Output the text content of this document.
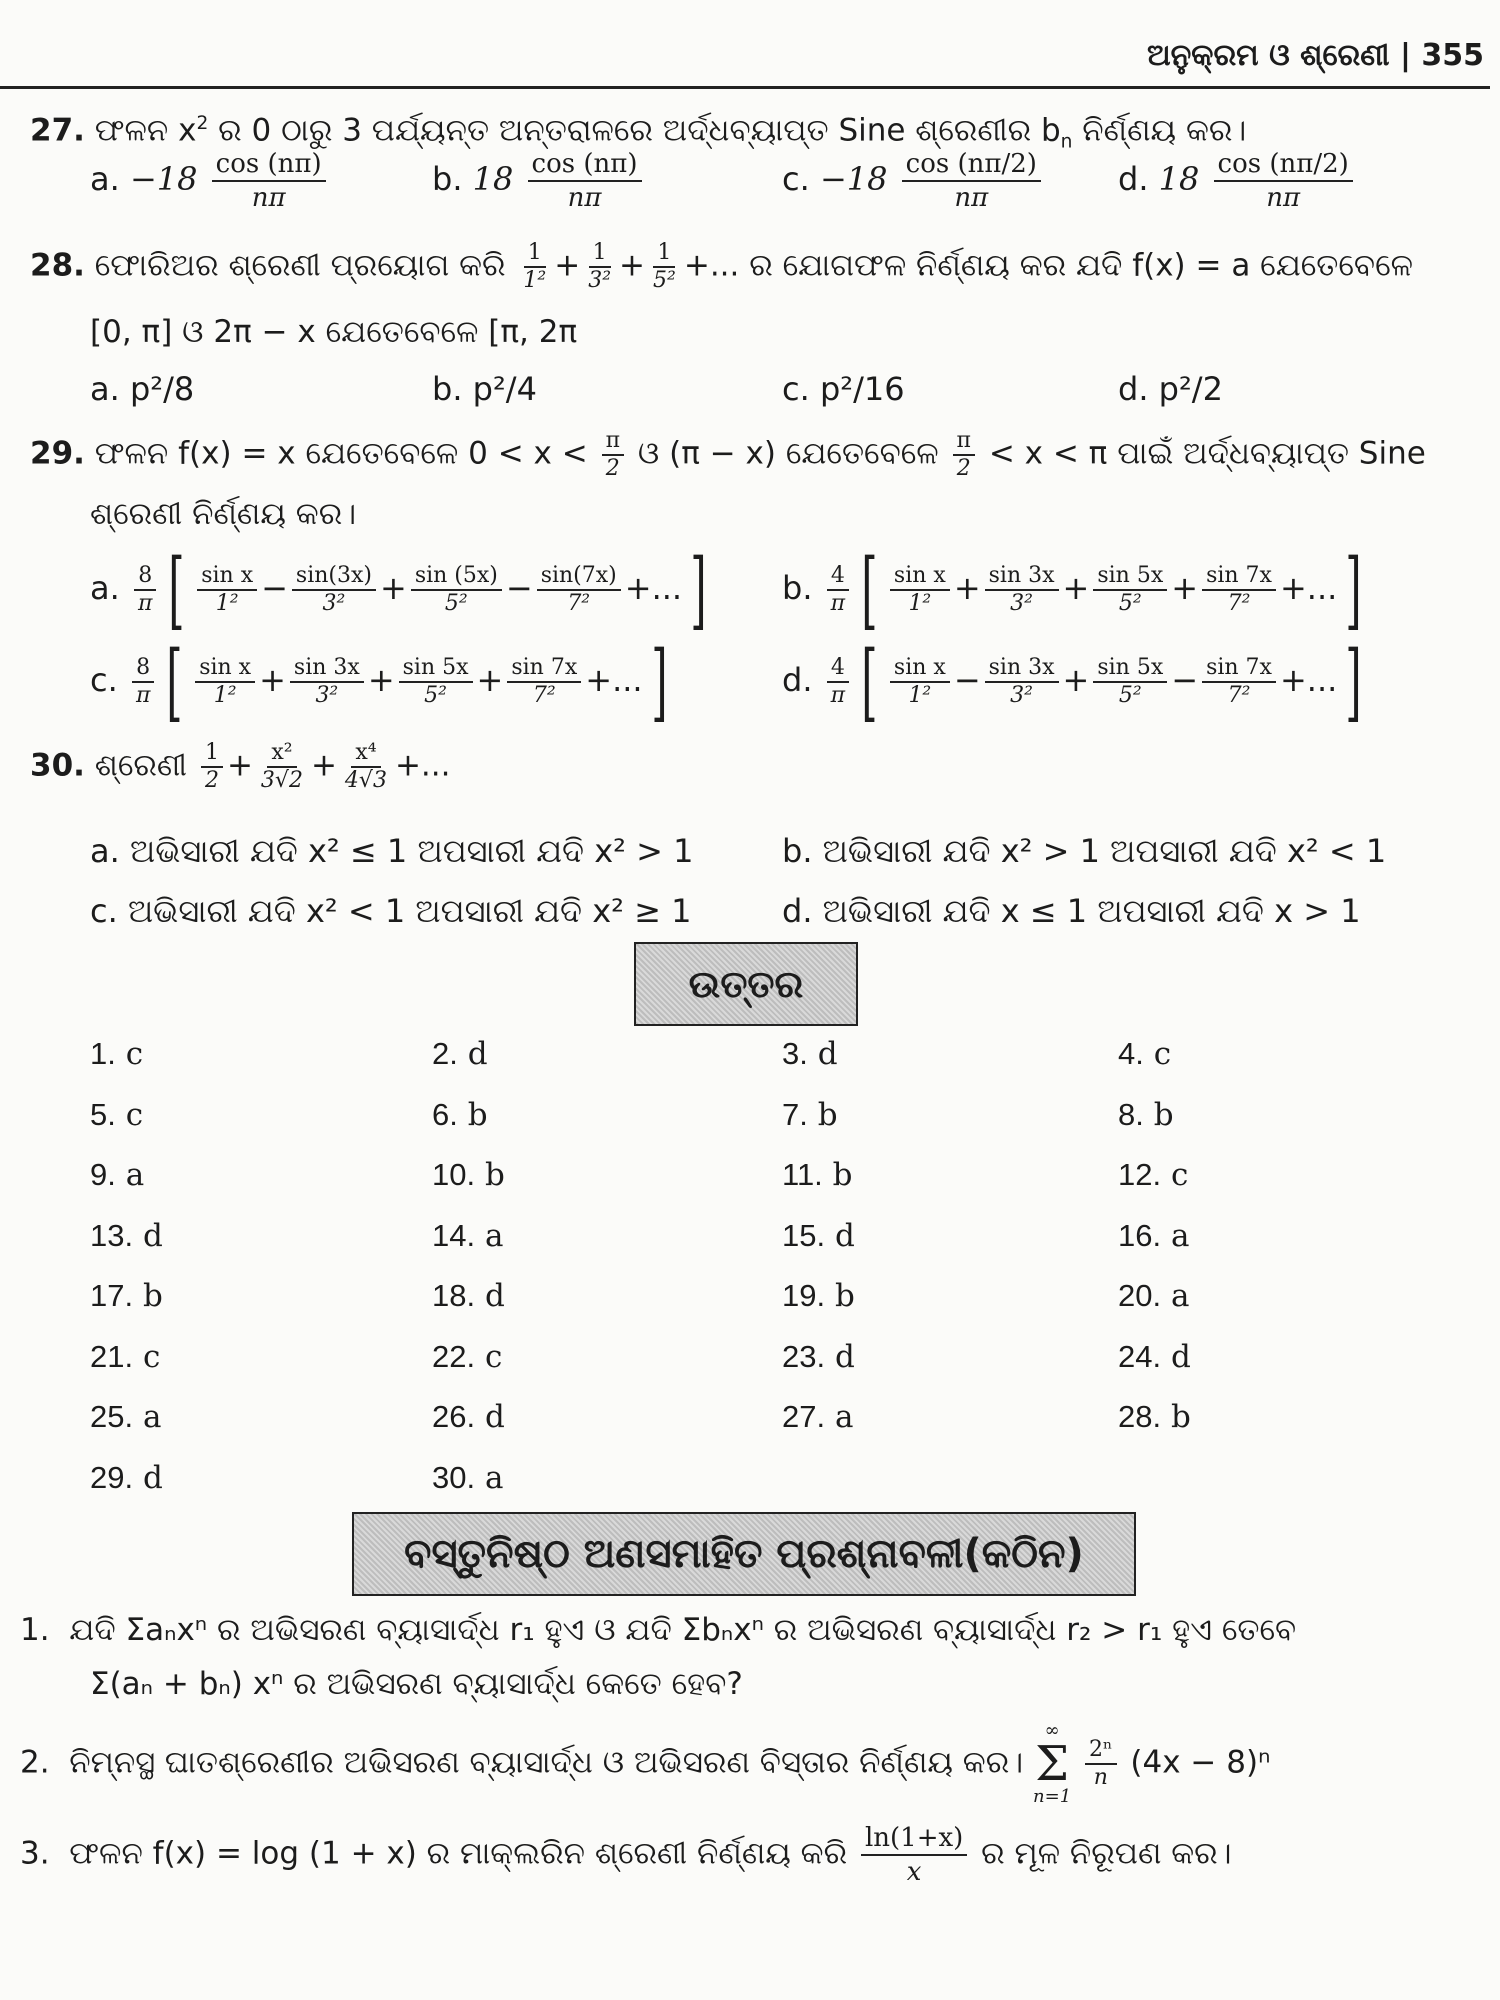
ଅନୁକ୍ରମ ଓ ଶ୍ରେଣୀ | 355
27. ଫଳନ $x^2$ ର 0 ଠାରୁ 3 ପର୍ଯ୍ୟନ୍ତ ଅନ୍ତରାଳରେ ଅର୍ଦ୍ଧବ୍ୟାପ୍ତ Sine ଶ୍ରେଣୀର $b_n$ ନିର୍ଣ୍ଣୟ କର।
a. $-18 \frac{\cos (n\pi)}{n\pi}$	b. $18 \frac{\cos (n\pi)}{n\pi}$	c. $-18 \frac{\cos (n\pi/2)}{n\pi} d$. $18 \frac{\cos (n\pi/2)}{n\pi}$
28. ଫୋରିଅର ଶ୍ରେଣୀ ପ୍ରୟୋଗ କରି $\frac{1}{\text{1²}} + \frac{1}{\text{3²}} + \frac{1}{\text{5²}}$ +... ର ଯୋଗଫଳ ନିର୍ଣ୍ଣୟ କର ଯଦି f(x) = a ଯେତେବେଳେ
[0, π] ଓ 2π − x ଯେତେବେଳେ [π, 2π
a. p²/8	b. p²/4	c. p²/16	d. p²/2
29. ଫଳନ f(x) = x ଯେତେବେଳେ $0 < x < \frac{\pi}{2}$ ଓ (π − x) ଯେତେବେଳେ $\frac{\pi}{2} < x < \pi$ ପାଇଁ ଅର୍ଦ୍ଧବ୍ୟାପ୍ତ Sine
ଶ୍ରେଣୀ ନିର୍ଣ୍ଣୟ କର।
a. $\frac{8}{\pi}$ [ $\frac{\text{sin x}}{\text{1²}} - \frac{\sin(3x)}{\text{3²}} + \frac{\sin (5x)}{\text{5²}} - \frac{\sin(7x)}{\text{7²}}$ +...] b. $\frac{4}{\pi}$ [ $\frac{\text{sin x}}{\text{1²}} + \frac{\sin 3x}{\text{3²}} + \frac{\sin 5x}{\text{5²}} + \frac{\sin 7x}{\text{7²}}$ +...]
c. $\frac{8}{\pi}$ [ $\frac{\text{sin x}}{\text{1²}} + \frac{\sin 3x}{\text{3²}} + \frac{\sin 5x}{\text{5²}} + \frac{\sin 7x}{\text{7²}}$ +...]	d. $\frac{4}{\pi}$ [ $\frac{\text{sin x}}{\text{1²}} - \frac{\sin 3x}{\text{3²}} + \frac{\sin 5x}{\text{5²}} - \frac{\sin 7x}{\text{7²}}$ +...]
30. ଶ୍ରେଣୀ $\frac{1}{2} + \frac{\text{x²}}{3√2} + \frac{\text{x⁴}}{4√3}$ +...
a. ଅଭିସାରୀ ଯଦି x² ≤ 1 ଅପସାରୀ ଯଦି x² > 1	b. ଅଭିସାରୀ ଯଦି x² > 1 ଅପସାରୀ ଯଦି x² < 1
c. ଅଭିସାରୀ ଯଦି x² < 1 ଅପସାରୀ ଯଦି x² ≥ 1	d. ଅଭିସାରୀ ଯଦି x ≤ 1 ଅପସାରୀ ଯଦି x > 1
ଉତ୍ତର
1. c	2. d	3. d	4. c
5. c	6. b	7. b	8. b
9. a	10. b	11. b	12. c
13. d	14. a	15. d	16. a
17. b	18. d	19. b	20. a
21. c	22. c	23. d	24. d
25. a	26. d	27. a	28. b
29. d	30. a
ବସ୍ତୁନିଷ୍ଠ ଅଣସମାହିତ ପ୍ରଶ୍ନାବଳୀ(କଠିନ)
1. ଯଦି Σaₙxⁿ ର ଅଭିସରଣ ବ୍ୟାସାର୍ଦ୍ଧ r₁ ହୁଏ ଓ ଯଦି Σbₙxⁿ ର ଅଭିସରଣ ବ୍ୟାସାର୍ଦ୍ଧ r₂ > r₁ ହୁଏ ତେବେ
Σ(aₙ + bₙ) xⁿ ର ଅଭିସରଣ ବ୍ୟାସାର୍ଦ୍ଧ କେତେ ହେବ?
2. ନିମ୍ନସ୍ଥ ଘାତଶ୍ରେଣୀର ଅଭିସରଣ ବ୍ୟାସାର୍ଦ୍ଧ ଓ ଅଭିସରଣ ବିସ୍ତାର ନିର୍ଣ୍ଣୟ କର।
∞
Σ
n=1

$\frac{\text{2ⁿ}}{n} (4x - 8)^n$
3. ଫଳନ f(x) = log (1 + x) ର ମାକ୍ଲରିନ ଶ୍ରେଣୀ ନିର୍ଣ୍ଣୟ କରି $\frac{\ln(1+x)}{x}$ ର ମୂଳ ନିରୂପଣ କର।
